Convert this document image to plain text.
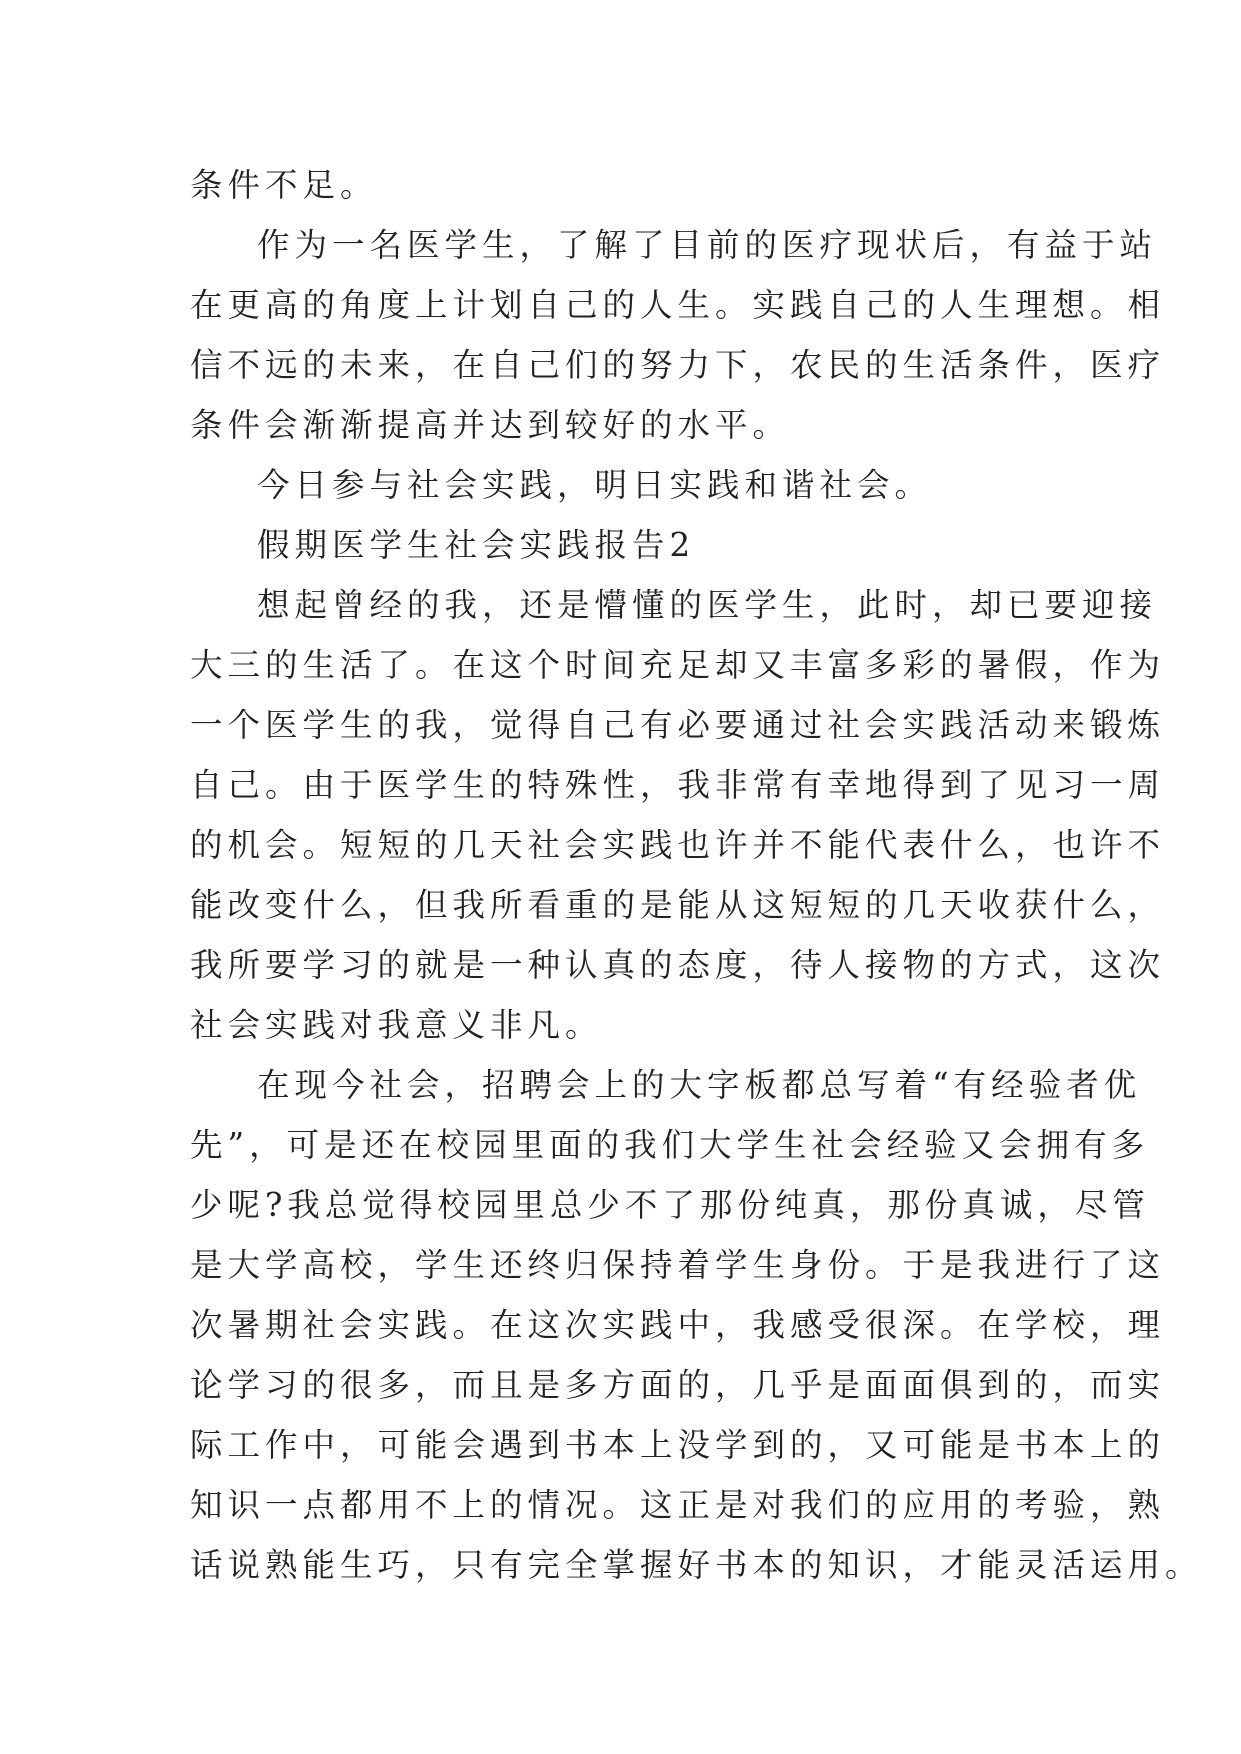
条件不足。
作为一名医学生，了解了目前的医疗现状后，有益于站
在更高的角度上计划自己的人生。实践自己的人生理想。相
信不远的未来，在自己们的努力下，农民的生活条件，医疗
条件会渐渐提高并达到较好的水平。
今日参与社会实践，明日实践和谐社会。
假期医学生社会实践报告2
想起曾经的我，还是懵懂的医学生，此时，却已要迎接
大三的生活了。在这个时间充足却又丰富多彩的暑假，作为
一个医学生的我，觉得自己有必要通过社会实践活动来锻炼
自己。由于医学生的特殊性，我非常有幸地得到了见习一周
的机会。短短的几天社会实践也许并不能代表什么，也许不
能改变什么，但我所看重的是能从这短短的几天收获什么，
我所要学习的就是一种认真的态度，待人接物的方式，这次
社会实践对我意义非凡。
在现今社会，招聘会上的大字板都总写着“有经验者优
先”，可是还在校园里面的我们大学生社会经验又会拥有多
少呢?我总觉得校园里总少不了那份纯真，那份真诚，尽管
是大学高校，学生还终归保持着学生身份。于是我进行了这
次暑期社会实践。在这次实践中，我感受很深。在学校，理
论学习的很多，而且是多方面的，几乎是面面俱到的，而实
际工作中，可能会遇到书本上没学到的，又可能是书本上的
知识一点都用不上的情况。这正是对我们的应用的考验，熟
话说熟能生巧，只有完全掌握好书本的知识，才能灵活运用。
